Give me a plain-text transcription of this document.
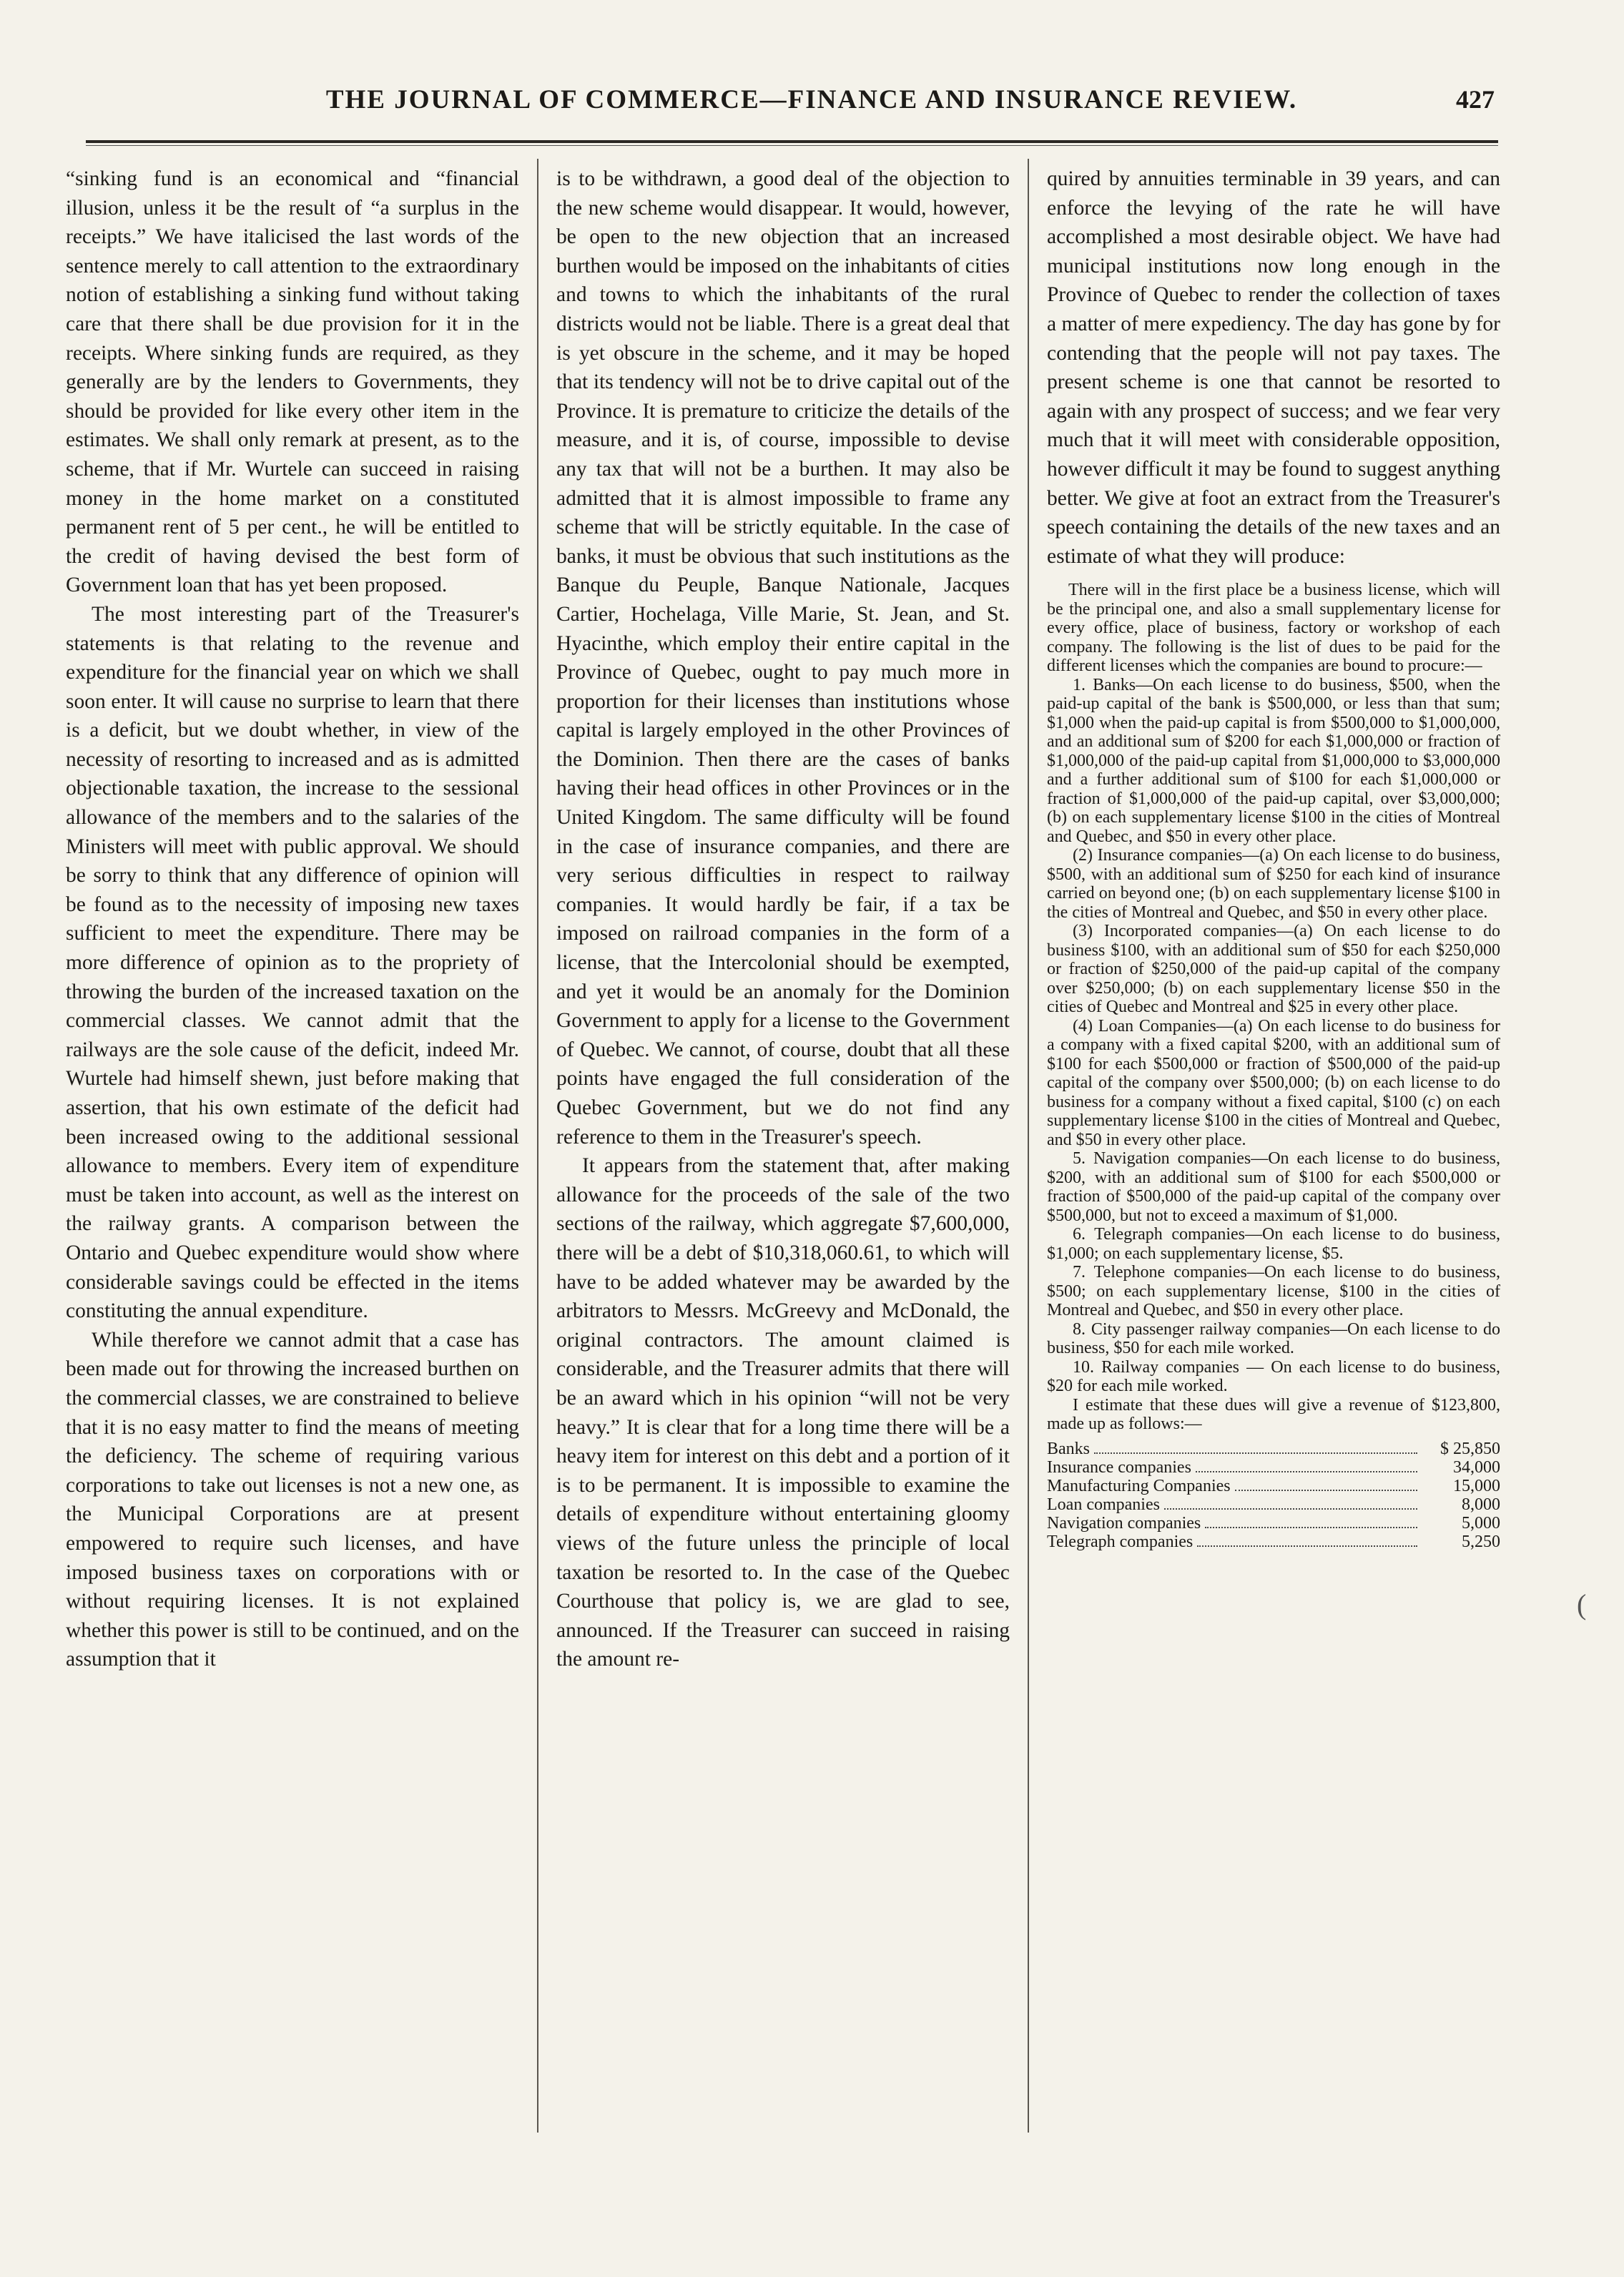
THE JOURNAL OF COMMERCE—FINANCE AND INSURANCE REVIEW.	427

“sinking fund is an economical and “financial illusion, unless it be the result of “a surplus in the receipts.” We have italicised the last words of the sentence merely to call attention to the extraordinary notion of establishing a sinking fund without taking care that there shall be due provision for it in the receipts. Where sinking funds are required, as they generally are by the lenders to Governments, they should be provided for like every other item in the estimates. We shall only remark at present, as to the scheme, that if Mr. Wurtele can succeed in raising money in the home market on a constituted permanent rent of 5 per cent., he will be entitled to the credit of having devised the best form of Government loan that has yet been proposed.

The most interesting part of the Treasurer's statements is that relating to the revenue and expenditure for the financial year on which we shall soon enter. It will cause no surprise to learn that there is a deficit, but we doubt whether, in view of the necessity of resorting to increased and as is admitted objectionable taxation, the increase to the sessional allowance of the members and to the salaries of the Ministers will meet with public approval. We should be sorry to think that any difference of opinion will be found as to the necessity of imposing new taxes sufficient to meet the expenditure. There may be more difference of opinion as to the propriety of throwing the burden of the increased taxation on the commercial classes. We cannot admit that the railways are the sole cause of the deficit, indeed Mr. Wurtele had himself shewn, just before making that assertion, that his own estimate of the deficit had been increased owing to the additional sessional allowance to members. Every item of expenditure must be taken into account, as well as the interest on the railway grants. A comparison between the Ontario and Quebec expenditure would show where considerable savings could be effected in the items constituting the annual expenditure.

While therefore we cannot admit that a case has been made out for throwing the increased burthen on the commercial classes, we are constrained to believe that it is no easy matter to find the means of meeting the deficiency. The scheme of requiring various corporations to take out licenses is not a new one, as the Municipal Corporations are at present empowered to require such licenses, and have imposed business taxes on corporations with or without requiring licenses. It is not explained whether this power is still to be continued, and on the assumption that it

is to be withdrawn, a good deal of the objection to the new scheme would disappear. It would, however, be open to the new objection that an increased burthen would be imposed on the inhabitants of cities and towns to which the inhabitants of the rural districts would not be liable. There is a great deal that is yet obscure in the scheme, and it may be hoped that its tendency will not be to drive capital out of the Province. It is premature to criticize the details of the measure, and it is, of course, impossible to devise any tax that will not be a burthen. It may also be admitted that it is almost impossible to frame any scheme that will be strictly equitable. In the case of banks, it must be obvious that such institutions as the Banque du Peuple, Banque Nationale, Jacques Cartier, Hochelaga, Ville Marie, St. Jean, and St. Hyacinthe, which employ their entire capital in the Province of Quebec, ought to pay much more in proportion for their licenses than institutions whose capital is largely employed in the other Provinces of the Dominion. Then there are the cases of banks having their head offices in other Provinces or in the United Kingdom. The same difficulty will be found in the case of insurance companies, and there are very serious difficulties in respect to railway companies. It would hardly be fair, if a tax be imposed on railroad companies in the form of a license, that the Intercolonial should be exempted, and yet it would be an anomaly for the Dominion Government to apply for a license to the Government of Quebec. We cannot, of course, doubt that all these points have engaged the full consideration of the Quebec Government, but we do not find any reference to them in the Treasurer's speech.

It appears from the statement that, after making allowance for the proceeds of the sale of the two sections of the railway, which aggregate $7,600,000, there will be a debt of $10,318,060.61, to which will have to be added whatever may be awarded by the arbitrators to Messrs. McGreevy and McDonald, the original contractors. The amount claimed is considerable, and the Treasurer admits that there will be an award which in his opinion “will not be very heavy.” It is clear that for a long time there will be a heavy item for interest on this debt and a portion of it is to be permanent. It is impossible to examine the details of expenditure without entertaining gloomy views of the future unless the principle of local taxation be resorted to. In the case of the Quebec Courthouse that policy is, we are glad to see, announced. If the Treasurer can succeed in raising the amount re-

quired by annuities terminable in 39 years, and can enforce the levying of the rate he will have accomplished a most desirable object. We have had municipal institutions now long enough in the Province of Quebec to render the collection of taxes a matter of mere expediency. The day has gone by for contending that the people will not pay taxes. The present scheme is one that cannot be resorted to again with any prospect of success; and we fear very much that it will meet with considerable opposition, however difficult it may be found to suggest anything better. We give at foot an extract from the Treasurer's speech containing the details of the new taxes and an estimate of what they will produce:

There will in the first place be a business license, which will be the principal one, and also a small supplementary license for every office, place of business, factory or workshop of each company. The following is the list of dues to be paid for the different licenses which the companies are bound to procure:—

1. Banks—On each license to do business, $500, when the paid-up capital of the bank is $500,000, or less than that sum; $1,000 when the paid-up capital is from $500,000 to $1,000,000, and an additional sum of $200 for each $1,000,000 or fraction of $1,000,000 of the paid-up capital from $1,000,000 to $3,000,000 and a further additional sum of $100 for each $1,000,000 or fraction of $1,000,000 of the paid-up capital, over $3,000,000; (b) on each supplementary license $100 in the cities of Montreal and Quebec, and $50 in every other place.

(2) Insurance companies—(a) On each license to do business, $500, with an additional sum of $250 for each kind of insurance carried on beyond one; (b) on each supplementary license $100 in the cities of Montreal and Quebec, and $50 in every other place.

(3) Incorporated companies—(a) On each license to do business $100, with an additional sum of $50 for each $250,000 or fraction of $250,000 of the paid-up capital of the company over $250,000; (b) on each supplementary license $50 in the cities of Quebec and Montreal and $25 in every other place.

(4) Loan Companies—(a) On each license to do business for a company with a fixed capital $200, with an additional sum of $100 for each $500,000 or fraction of $500,000 of the paid-up capital of the company over $500,000; (b) on each license to do business for a company without a fixed capital, $100 (c) on each supplementary license $100 in the cities of Montreal and Quebec, and $50 in every other place.

5. Navigation companies—On each license to do business, $200, with an additional sum of $100 for each $500,000 or fraction of $500,000 of the paid-up capital of the company over $500,000, but not to exceed a maximum of $1,000.

6. Telegraph companies—On each license to do business, $1,000; on each supplementary license, $5.

7. Telephone companies—On each license to do business, $500; on each supplementary license, $100 in the cities of Montreal and Quebec, and $50 in every other place.

8. City passenger railway companies—On each license to do business, $50 for each mile worked.

10. Railway companies — On each license to do business, $20 for each mile worked.

I estimate that these dues will give a revenue of $123,800, made up as follows:—

Banks	$ 25,850
Insurance companies	34,000
Manufacturing Companies	15,000
Loan companies	8,000
Navigation companies	5,000
Telegraph companies	5,250
(
